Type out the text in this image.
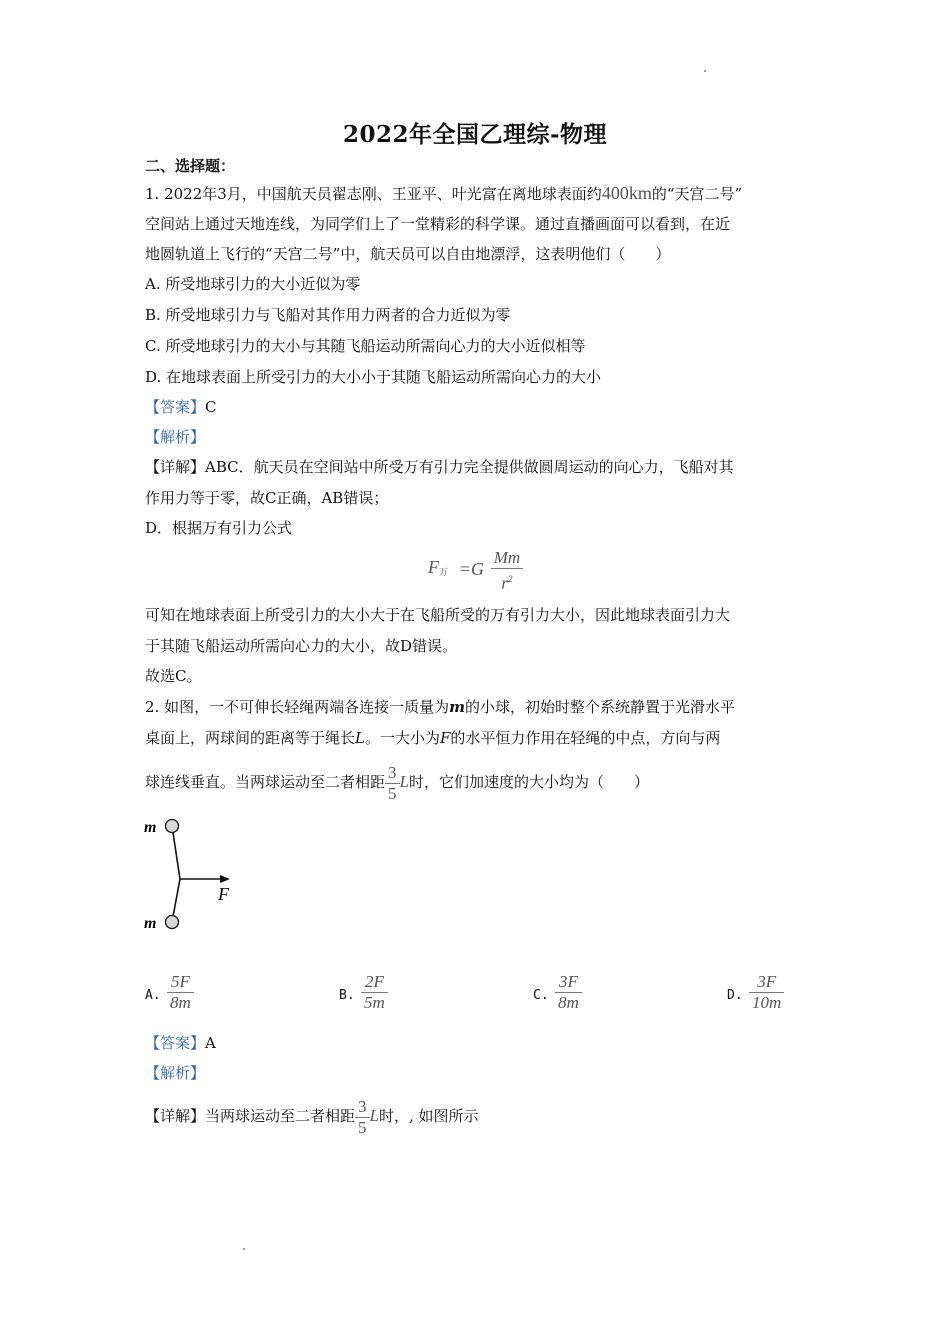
2022年全国乙理综-物理
二、选择题：
1. 2022年3月，中国航天员翟志刚、王亚平、叶光富在离地球表面约400km的“天宫二号”
空间站上通过天地连线，为同学们上了一堂精彩的科学课。通过直播画面可以看到，在近
地圆轨道上飞行的“天宫二号”中，航天员可以自由地漂浮，这表明他们（　　）
A. 所受地球引力的大小近似为零
B. 所受地球引力与飞船对其作用力两者的合力近似为零
C. 所受地球引力的大小与其随飞船运动所需向心力的大小近似相等
D. 在地球表面上所受引力的大小小于其随飞船运动所需向心力的大小
【答案】C
【解析】
【详解】ABC．航天员在空间站中所受万有引力完全提供做圆周运动的向心力，飞船对其
作用力等于零，故C正确，AB错误；
D．根据万有引力公式
F万 $=G \frac{Mm}{r^2}$
可知在地球表面上所受引力的大小大于在飞船所受的万有引力大小，因此地球表面引力大
于其随飞船运动所需向心力的大小，故D错误。
故选C。
2. 如图，一不可伸长轻绳两端各连接一质量为m的小球，初始时整个系统静置于光滑水平
桌面上，两球间的距离等于绳长L。一大小为F的水平恒力作用在轻绳的中点，方向与两
球连线垂直。当两球运动至二者相距 $\frac{3}{5}$ L时，它们加速度的大小均为（　　）
m
m
F
A. $\frac{5F}{8m}$	B. $\frac{2F}{5m}$	C. $\frac{3F}{8m}$	D. $\frac{3F}{10m}$
【答案】A
【解析】
【详解】当两球运动至二者相距 $\frac{3}{5}$ L时，, 如图所示
